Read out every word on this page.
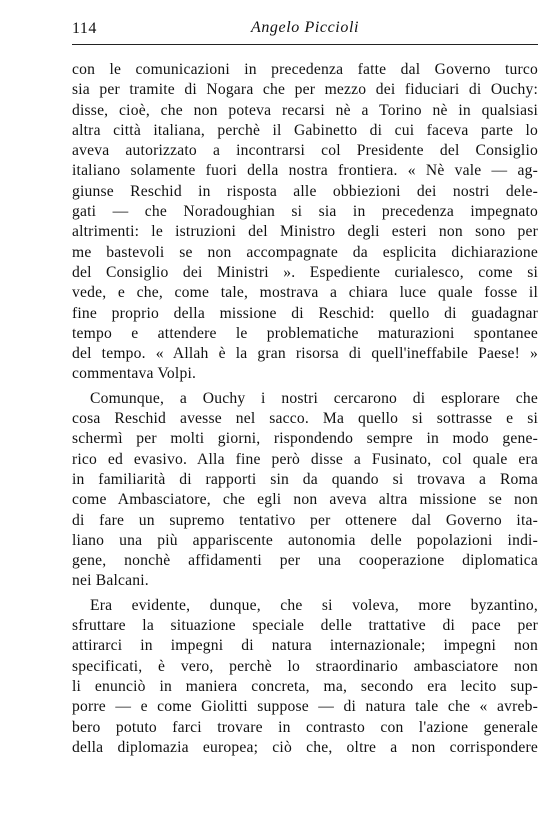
114	Angelo Piccioli
con le comunicazioni in precedenza fatte dal Governo turco
sia per tramite di Nogara che per mezzo dei fiduciari di Ouchy:
disse, cioè, che non poteva recarsi nè a Torino nè in qualsiasi
altra città italiana, perchè il Gabinetto di cui faceva parte lo
aveva autorizzato a incontrarsi col Presidente del Consiglio
italiano solamente fuori della nostra frontiera. « Nè vale — ag-
giunse Reschid in risposta alle obbiezioni dei nostri dele-
gati — che Noradoughian si sia in precedenza impegnato
altrimenti: le istruzioni del Ministro degli esteri non sono per
me bastevoli se non accompagnate da esplicita dichiarazione
del Consiglio dei Ministri ». Espediente curialesco, come si
vede, e che, come tale, mostrava a chiara luce quale fosse il
fine proprio della missione di Reschid: quello di guadagnar
tempo e attendere le problematiche maturazioni spontanee
del tempo. « Allah è la gran risorsa di quell'ineffabile Paese! »
commentava Volpi.
Comunque, a Ouchy i nostri cercarono di esplorare che
cosa Reschid avesse nel sacco. Ma quello si sottrasse e si
schermì per molti giorni, rispondendo sempre in modo gene-
rico ed evasivo. Alla fine però disse a Fusinato, col quale era
in familiarità di rapporti sin da quando si trovava a Roma
come Ambasciatore, che egli non aveva altra missione se non
di fare un supremo tentativo per ottenere dal Governo ita-
liano una più appariscente autonomia delle popolazioni indi-
gene, nonchè affidamenti per una cooperazione diplomatica
nei Balcani.
Era evidente, dunque, che si voleva, more byzantino,
sfruttare la situazione speciale delle trattative di pace per
attirarci in impegni di natura internazionale; impegni non
specificati, è vero, perchè lo straordinario ambasciatore non
li enunciò in maniera concreta, ma, secondo era lecito sup-
porre — e come Giolitti suppose — di natura tale che « avreb-
bero potuto farci trovare in contrasto con l'azione generale
della diplomazia europea; ciò che, oltre a non corrispondere
